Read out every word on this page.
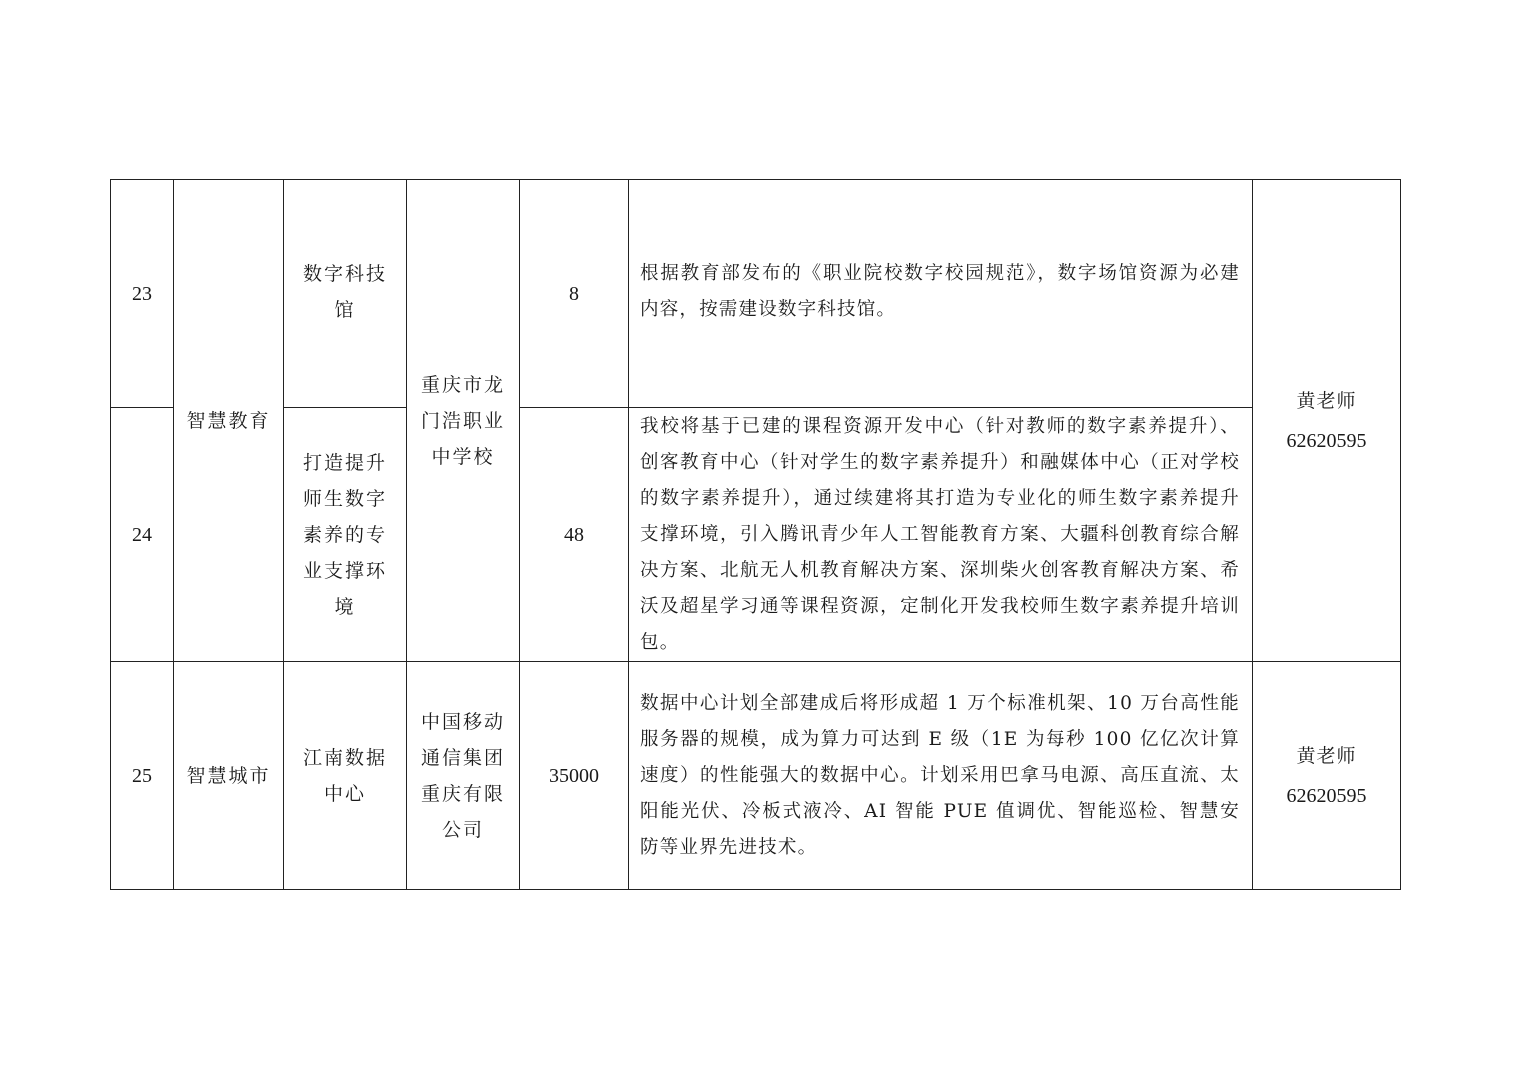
23	智慧教育	数字科技馆	重庆市龙门浩职业中学校	8	根据教育部发布的《职业院校数字校园规范》，数字场馆资源为必建内容，按需建设数字科技馆。	黄老师
62620595

24		打造提升师生数字素养的专业支撑环境		48	我校将基于已建的课程资源开发中心（针对教师的数字素养提升）、创客教育中心（针对学生的数字素养提升）和融媒体中心（正对学校的数字素养提升），通过续建将其打造为专业化的师生数字素养提升支撑环境，引入腾讯青少年人工智能教育方案、大疆科创教育综合解决方案、北航无人机教育解决方案、深圳柴火创客教育解决方案、希沃及超星学习通等课程资源，定制化开发我校师生数字素养提升培训包。	
25	智慧城市	江南数据中心	中国移动通信集团重庆有限公司	35000	数据中心计划全部建成后将形成超 1 万个标准机架、10 万台高性能服务器的规模，成为算力可达到 E 级（1E 为每秒 100 亿亿次计算速度）的性能强大的数据中心。计划采用巴拿马电源、高压直流、太阳能光伏、冷板式液冷、AI 智能 PUE 值调优、智能巡检、智慧安防等业界先进技术。	黄老师
62620595
